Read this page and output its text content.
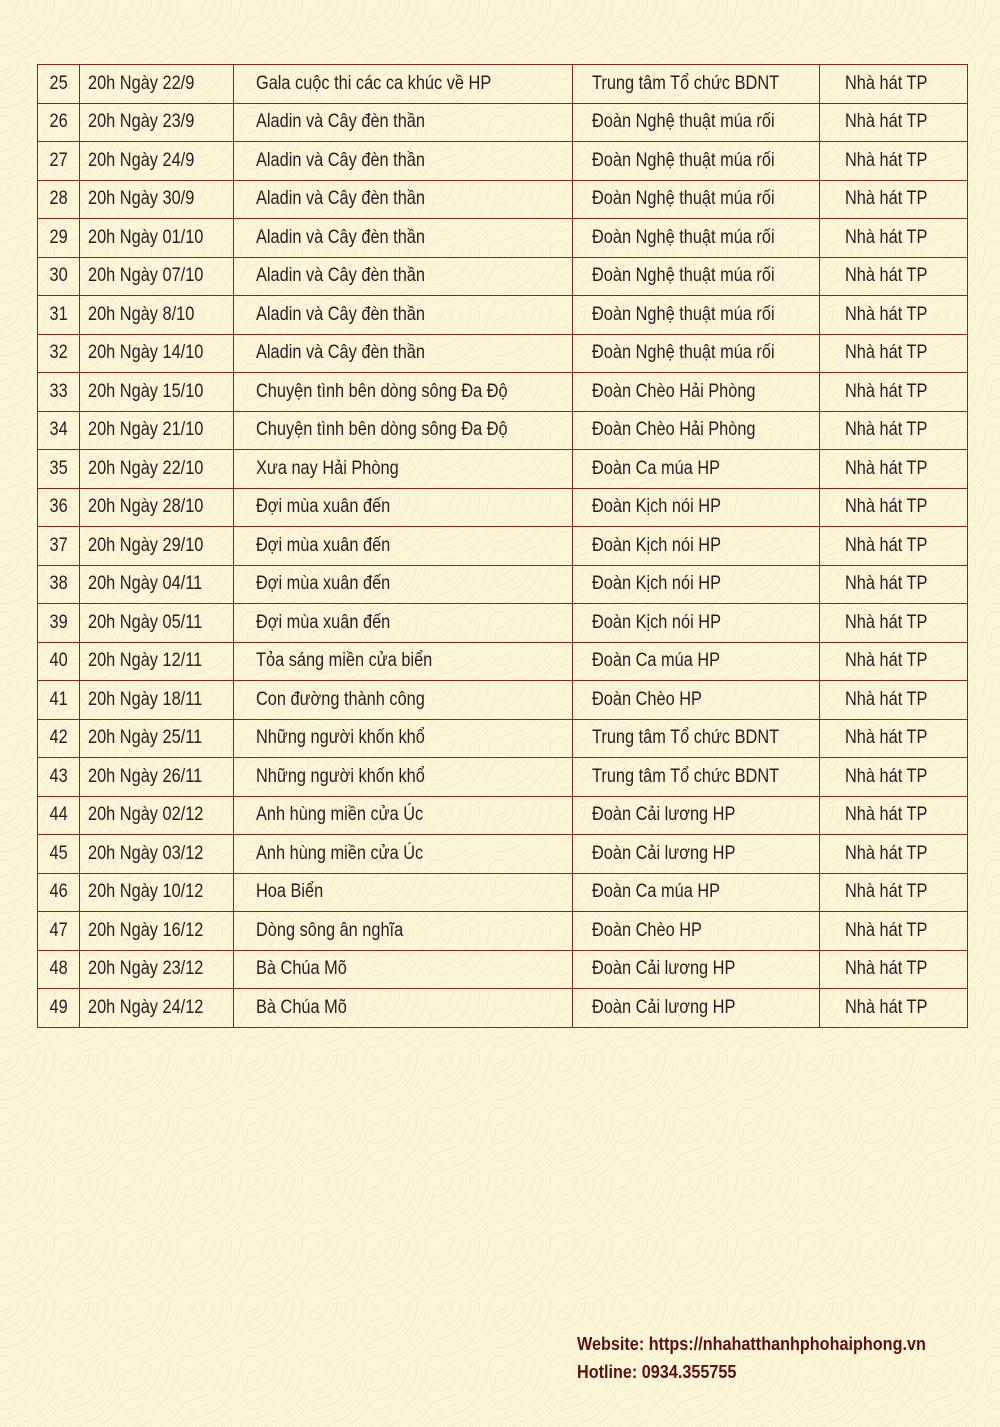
25	20h Ngày 22/9	Gala cuộc thi các ca khúc về HP	Trung tâm Tổ chức BDNT	Nhà hát TP
26	20h Ngày 23/9	Aladin và Cây đèn thần	Đoàn Nghệ thuật múa rối	Nhà hát TP
27	20h Ngày 24/9	Aladin và Cây đèn thần	Đoàn Nghệ thuật múa rối	Nhà hát TP
28	20h Ngày 30/9	Aladin và Cây đèn thần	Đoàn Nghệ thuật múa rối	Nhà hát TP
29	20h Ngày 01/10	Aladin và Cây đèn thần	Đoàn Nghệ thuật múa rối	Nhà hát TP
30	20h Ngày 07/10	Aladin và Cây đèn thần	Đoàn Nghệ thuật múa rối	Nhà hát TP
31	20h Ngày 8/10	Aladin và Cây đèn thần	Đoàn Nghệ thuật múa rối	Nhà hát TP
32	20h Ngày 14/10	Aladin và Cây đèn thần	Đoàn Nghệ thuật múa rối	Nhà hát TP
33	20h Ngày 15/10	Chuyện tình bên dòng sông Đa Độ	Đoàn Chèo Hải Phòng	Nhà hát TP
34	20h Ngày 21/10	Chuyện tình bên dòng sông Đa Độ	Đoàn Chèo Hải Phòng	Nhà hát TP
35	20h Ngày 22/10	Xưa nay Hải Phòng	Đoàn Ca múa HP	Nhà hát TP
36	20h Ngày 28/10	Đợi mùa xuân đến	Đoàn Kịch nói HP	Nhà hát TP
37	20h Ngày 29/10	Đợi mùa xuân đến	Đoàn Kịch nói HP	Nhà hát TP
38	20h Ngày 04/11	Đợi mùa xuân đến	Đoàn Kịch nói HP	Nhà hát TP
39	20h Ngày 05/11	Đợi mùa xuân đến	Đoàn Kịch nói HP	Nhà hát TP
40	20h Ngày 12/11	Tỏa sáng miền cửa biển	Đoàn Ca múa HP	Nhà hát TP
41	20h Ngày 18/11	Con đường thành công	Đoàn Chèo HP	Nhà hát TP
42	20h Ngày 25/11	Những người khốn khổ	Trung tâm Tổ chức BDNT	Nhà hát TP
43	20h Ngày 26/11	Những người khốn khổ	Trung tâm Tổ chức BDNT	Nhà hát TP
44	20h Ngày 02/12	Anh hùng miền cửa Úc	Đoàn Cải lương HP	Nhà hát TP
45	20h Ngày 03/12	Anh hùng miền cửa Úc	Đoàn Cải lương HP	Nhà hát TP
46	20h Ngày 10/12	Hoa Biển	Đoàn Ca múa HP	Nhà hát TP
47	20h Ngày 16/12	Dòng sông ân nghĩa	Đoàn Chèo HP	Nhà hát TP
48	20h Ngày 23/12	Bà Chúa Mõ	Đoàn Cải lương HP	Nhà hát TP
49	20h Ngày 24/12	Bà Chúa Mõ	Đoàn Cải lương HP	Nhà hát TP
Website: https://nhahatthanhphohaiphong.vn
Hotline: 0934.355755
